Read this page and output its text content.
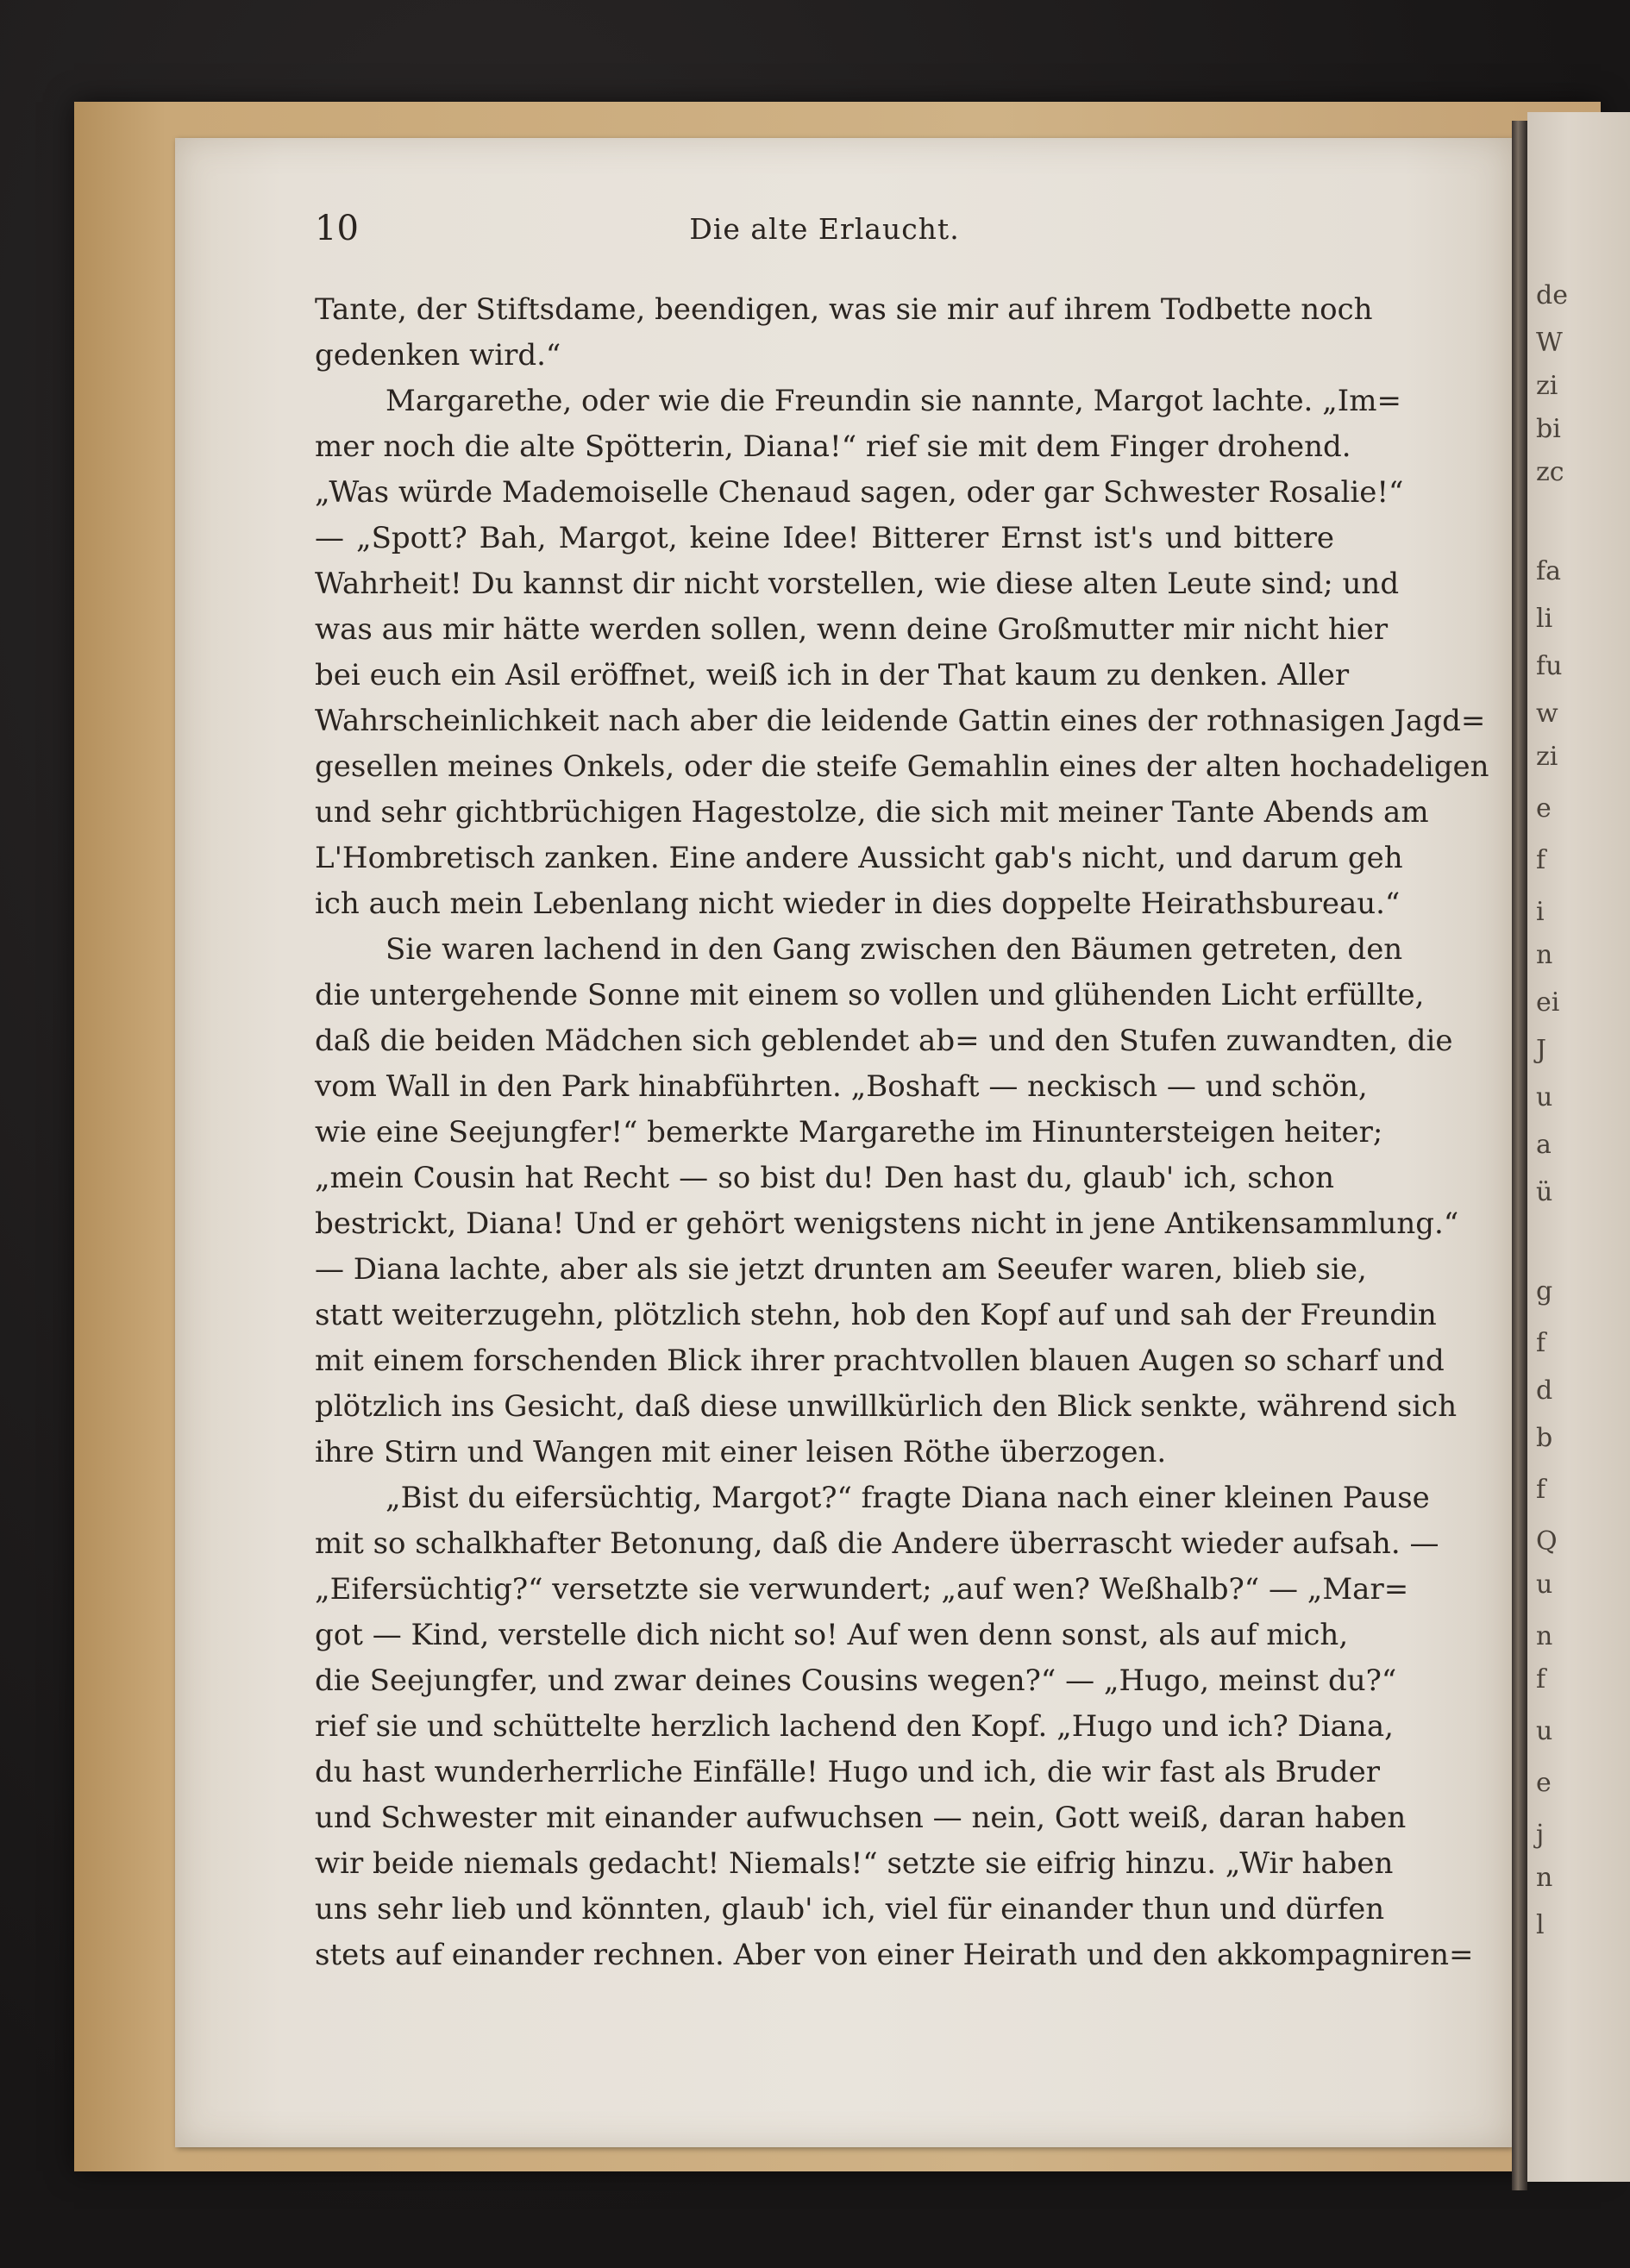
de
W
zi
bi
zc
fa
li
fu
w
zi
e
f
i
n
ei
J
u
a
ü
g
f
d
b
f
Q
u
n
f
u
e
j
n
l
10	Die alte Erlaucht.
Tante, der Stiftsdame, beendigen, was sie mir auf ihrem Todbette noch
gedenken wird.“
Margarethe, oder wie die Freundin sie nannte, Margot lachte. „Im=
mer noch die alte Spötterin, Diana!“ rief sie mit dem Finger drohend.
„Was würde Mademoiselle Chenaud sagen, oder gar Schwester Rosalie!“
— „Spott? Bah, Margot, keine Idee! Bitterer Ernst ist's und bittere
Wahrheit! Du kannst dir nicht vorstellen, wie diese alten Leute sind; und
was aus mir hätte werden sollen, wenn deine Großmutter mir nicht hier
bei euch ein Asil eröffnet, weiß ich in der That kaum zu denken. Aller
Wahrscheinlichkeit nach aber die leidende Gattin eines der rothnasigen Jagd=
gesellen meines Onkels, oder die steife Gemahlin eines der alten hochadeligen
und sehr gichtbrüchigen Hagestolze, die sich mit meiner Tante Abends am
L'Hombretisch zanken. Eine andere Aussicht gab's nicht, und darum geh
ich auch mein Lebenlang nicht wieder in dies doppelte Heirathsbureau.“
Sie waren lachend in den Gang zwischen den Bäumen getreten, den
die untergehende Sonne mit einem so vollen und glühenden Licht erfüllte,
daß die beiden Mädchen sich geblendet ab= und den Stufen zuwandten, die
vom Wall in den Park hinabführten. „Boshaft — neckisch — und schön,
wie eine Seejungfer!“ bemerkte Margarethe im Hinuntersteigen heiter;
„mein Cousin hat Recht — so bist du! Den hast du, glaub' ich, schon
bestrickt, Diana! Und er gehört wenigstens nicht in jene Antikensammlung.“
— Diana lachte, aber als sie jetzt drunten am Seeufer waren, blieb sie,
statt weiterzugehn, plötzlich stehn, hob den Kopf auf und sah der Freundin
mit einem forschenden Blick ihrer prachtvollen blauen Augen so scharf und
plötzlich ins Gesicht, daß diese unwillkürlich den Blick senkte, während sich
ihre Stirn und Wangen mit einer leisen Röthe überzogen.
„Bist du eifersüchtig, Margot?“ fragte Diana nach einer kleinen Pause
mit so schalkhafter Betonung, daß die Andere überrascht wieder aufsah. —
„Eifersüchtig?“ versetzte sie verwundert; „auf wen? Weßhalb?“ — „Mar=
got — Kind, verstelle dich nicht so! Auf wen denn sonst, als auf mich,
die Seejungfer, und zwar deines Cousins wegen?“ — „Hugo, meinst du?“
rief sie und schüttelte herzlich lachend den Kopf. „Hugo und ich? Diana,
du hast wunderherrliche Einfälle! Hugo und ich, die wir fast als Bruder
und Schwester mit einander aufwuchsen — nein, Gott weiß, daran haben
wir beide niemals gedacht! Niemals!“ setzte sie eifrig hinzu. „Wir haben
uns sehr lieb und könnten, glaub' ich, viel für einander thun und dürfen
stets auf einander rechnen. Aber von einer Heirath und den akkompagniren=
